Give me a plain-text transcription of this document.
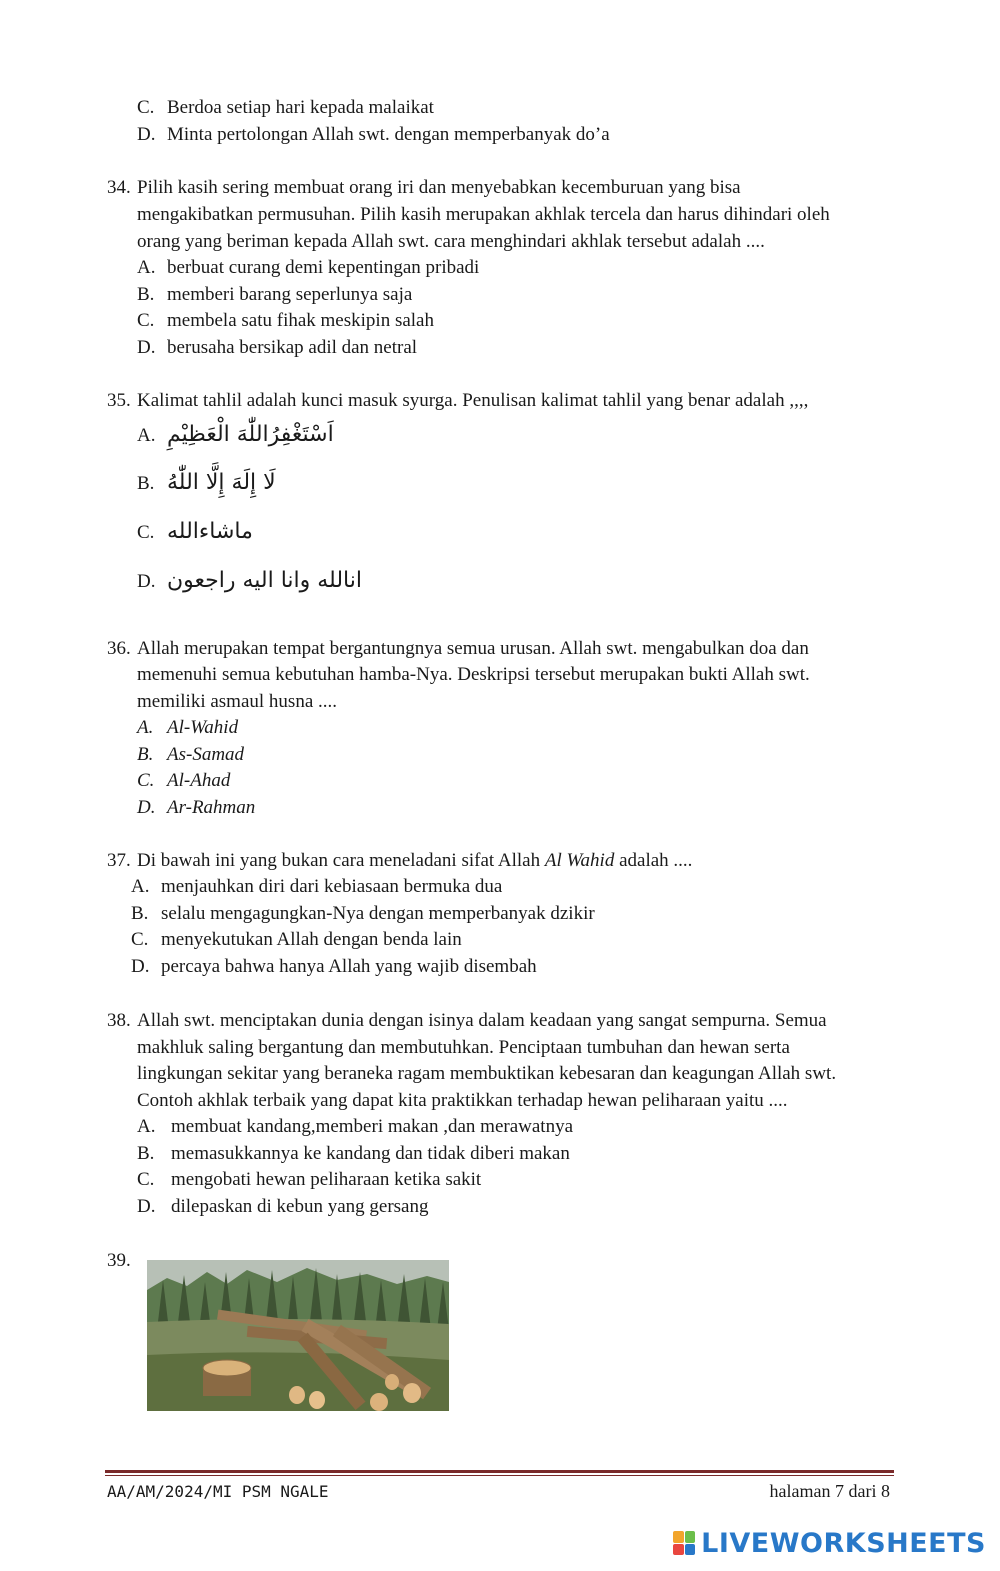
C. Berdoa setiap hari kepada malaikat
D. Minta pertolongan Allah swt. dengan memperbanyak do’a
34. Pilih kasih sering membuat orang iri dan menyebabkan kecemburuan yang bisa
mengakibatkan permusuhan. Pilih kasih merupakan akhlak tercela dan harus dihindari oleh
orang yang beriman kepada Allah swt. cara menghindari akhlak tersebut adalah ....
A. berbuat curang demi kepentingan pribadi
B. memberi barang seperlunya saja
C. membela satu fihak meskipin salah
D. berusaha bersikap adil dan netral
35. Kalimat tahlil adalah kunci masuk syurga. Penulisan kalimat tahlil yang benar adalah ,,,,
A. اَسْتَغْفِرُاللّٰهَ الْعَظِيْمِ
B. لَا إِلَهَ إِلَّا اللّٰهُ
C. ماشاءالله
D. انالله وانا اليه راجعون
36. Allah merupakan tempat bergantungnya semua urusan. Allah swt. mengabulkan doa dan
memenuhi semua kebutuhan hamba-Nya. Deskripsi tersebut merupakan bukti Allah swt.
memiliki asmaul husna ....
A. Al-Wahid
B. As-Samad
C. Al-Ahad
D. Ar-Rahman
37. Di bawah ini yang bukan cara meneladani sifat Allah Al Wahid adalah ....
A. menjauhkan diri dari kebiasaan bermuka dua
B. selalu mengagungkan-Nya dengan memperbanyak dzikir
C. menyekutukan Allah dengan benda lain
D. percaya bahwa hanya Allah yang wajib disembah
38. Allah swt. menciptakan dunia dengan isinya dalam keadaan yang sangat sempurna. Semua
makhluk saling bergantung dan membutuhkan. Penciptaan tumbuhan dan hewan serta
lingkungan sekitar yang beraneka ragam membuktikan kebesaran dan keagungan Allah swt.
Contoh akhlak terbaik yang dapat kita praktikkan terhadap hewan peliharaan yaitu ....
A. membuat kandang,memberi makan ,dan merawatnya
B. memasukkannya ke kandang dan tidak diberi makan
C. mengobati hewan peliharaan ketika sakit
D. dilepaskan di kebun yang gersang
39.
AA/AM/2024/MI PSM NGALE	halaman 7 dari 8
LIVEWORKSHEETS
